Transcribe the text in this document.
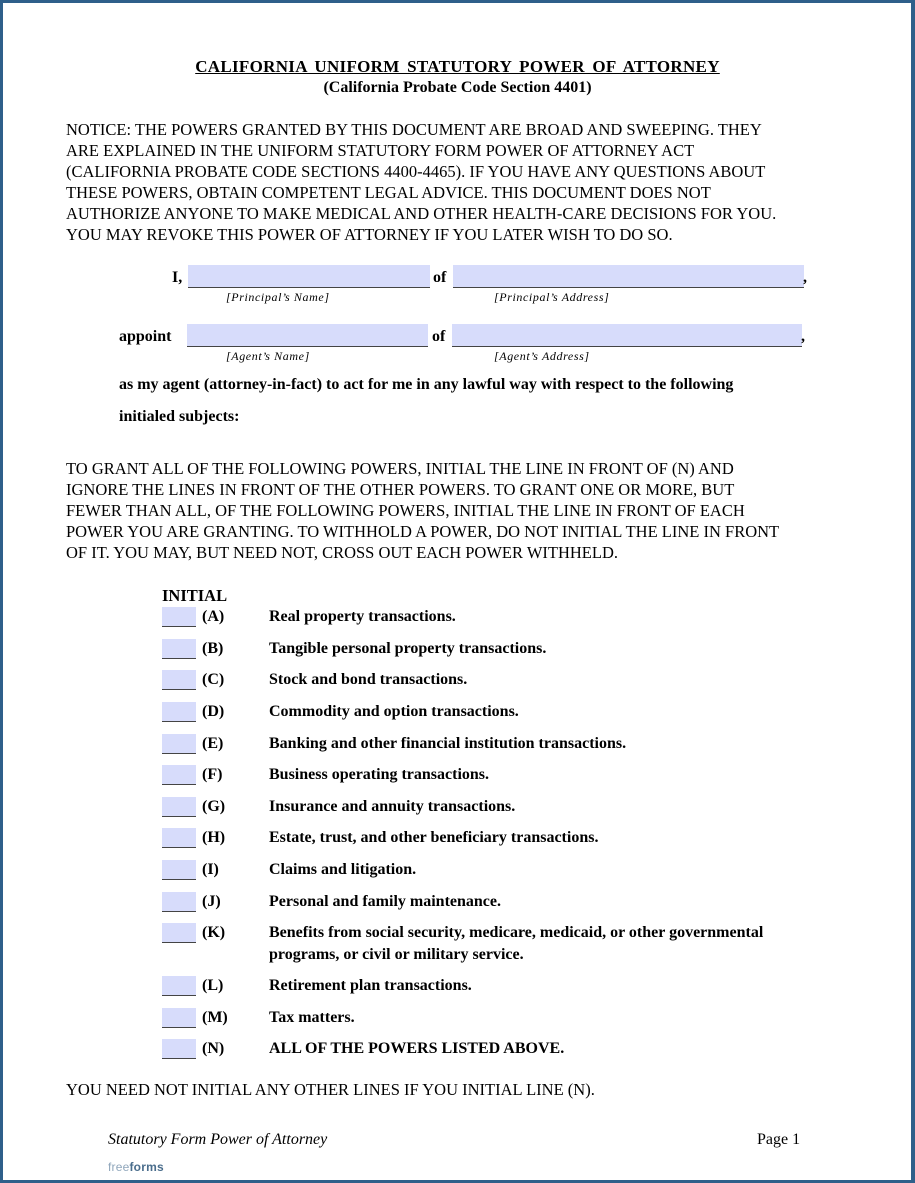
CALIFORNIA UNIFORM STATUTORY POWER OF ATTORNEY
(California Probate Code Section 4401)
NOTICE: THE POWERS GRANTED BY THIS DOCUMENT ARE BROAD AND SWEEPING. THEY
ARE EXPLAINED IN THE UNIFORM STATUTORY FORM POWER OF ATTORNEY ACT
(CALIFORNIA PROBATE CODE SECTIONS 4400-4465). IF YOU HAVE ANY QUESTIONS ABOUT
THESE POWERS, OBTAIN COMPETENT LEGAL ADVICE. THIS DOCUMENT DOES NOT
AUTHORIZE ANYONE TO MAKE MEDICAL AND OTHER HEALTH-CARE DECISIONS FOR YOU.
YOU MAY REVOKE THIS POWER OF ATTORNEY IF YOU LATER WISH TO DO SO.
I,	of	,
[Principal’s Name]	[Principal’s Address]
appoint	of	,
[Agent’s Name]	[Agent’s Address]
as my agent (attorney-in-fact) to act for me in any lawful way with respect to the following
initialed subjects:
TO GRANT ALL OF THE FOLLOWING POWERS, INITIAL THE LINE IN FRONT OF (N) AND
IGNORE THE LINES IN FRONT OF THE OTHER POWERS. TO GRANT ONE OR MORE, BUT
FEWER THAN ALL, OF THE FOLLOWING POWERS, INITIAL THE LINE IN FRONT OF EACH
POWER YOU ARE GRANTING. TO WITHHOLD A POWER, DO NOT INITIAL THE LINE IN FRONT
OF IT. YOU MAY, BUT NEED NOT, CROSS OUT EACH POWER WITHHELD.
INITIAL
(A)	Real property transactions.
(B)	Tangible personal property transactions.
(C)	Stock and bond transactions.
(D)	Commodity and option transactions.
(E)	Banking and other financial institution transactions.
(F)	Business operating transactions.
(G)	Insurance and annuity transactions.
(H)	Estate, trust, and other beneficiary transactions.
(I)	Claims and litigation.
(J)	Personal and family maintenance.
(K)	Benefits from social security, medicare, medicaid, or other governmental
programs, or civil or military service.
(L)	Retirement plan transactions.
(M)	Tax matters.
(N)	ALL OF THE POWERS LISTED ABOVE.
YOU NEED NOT INITIAL ANY OTHER LINES IF YOU INITIAL LINE (N).
Statutory Form Power of Attorney	Page 1
freeforms
